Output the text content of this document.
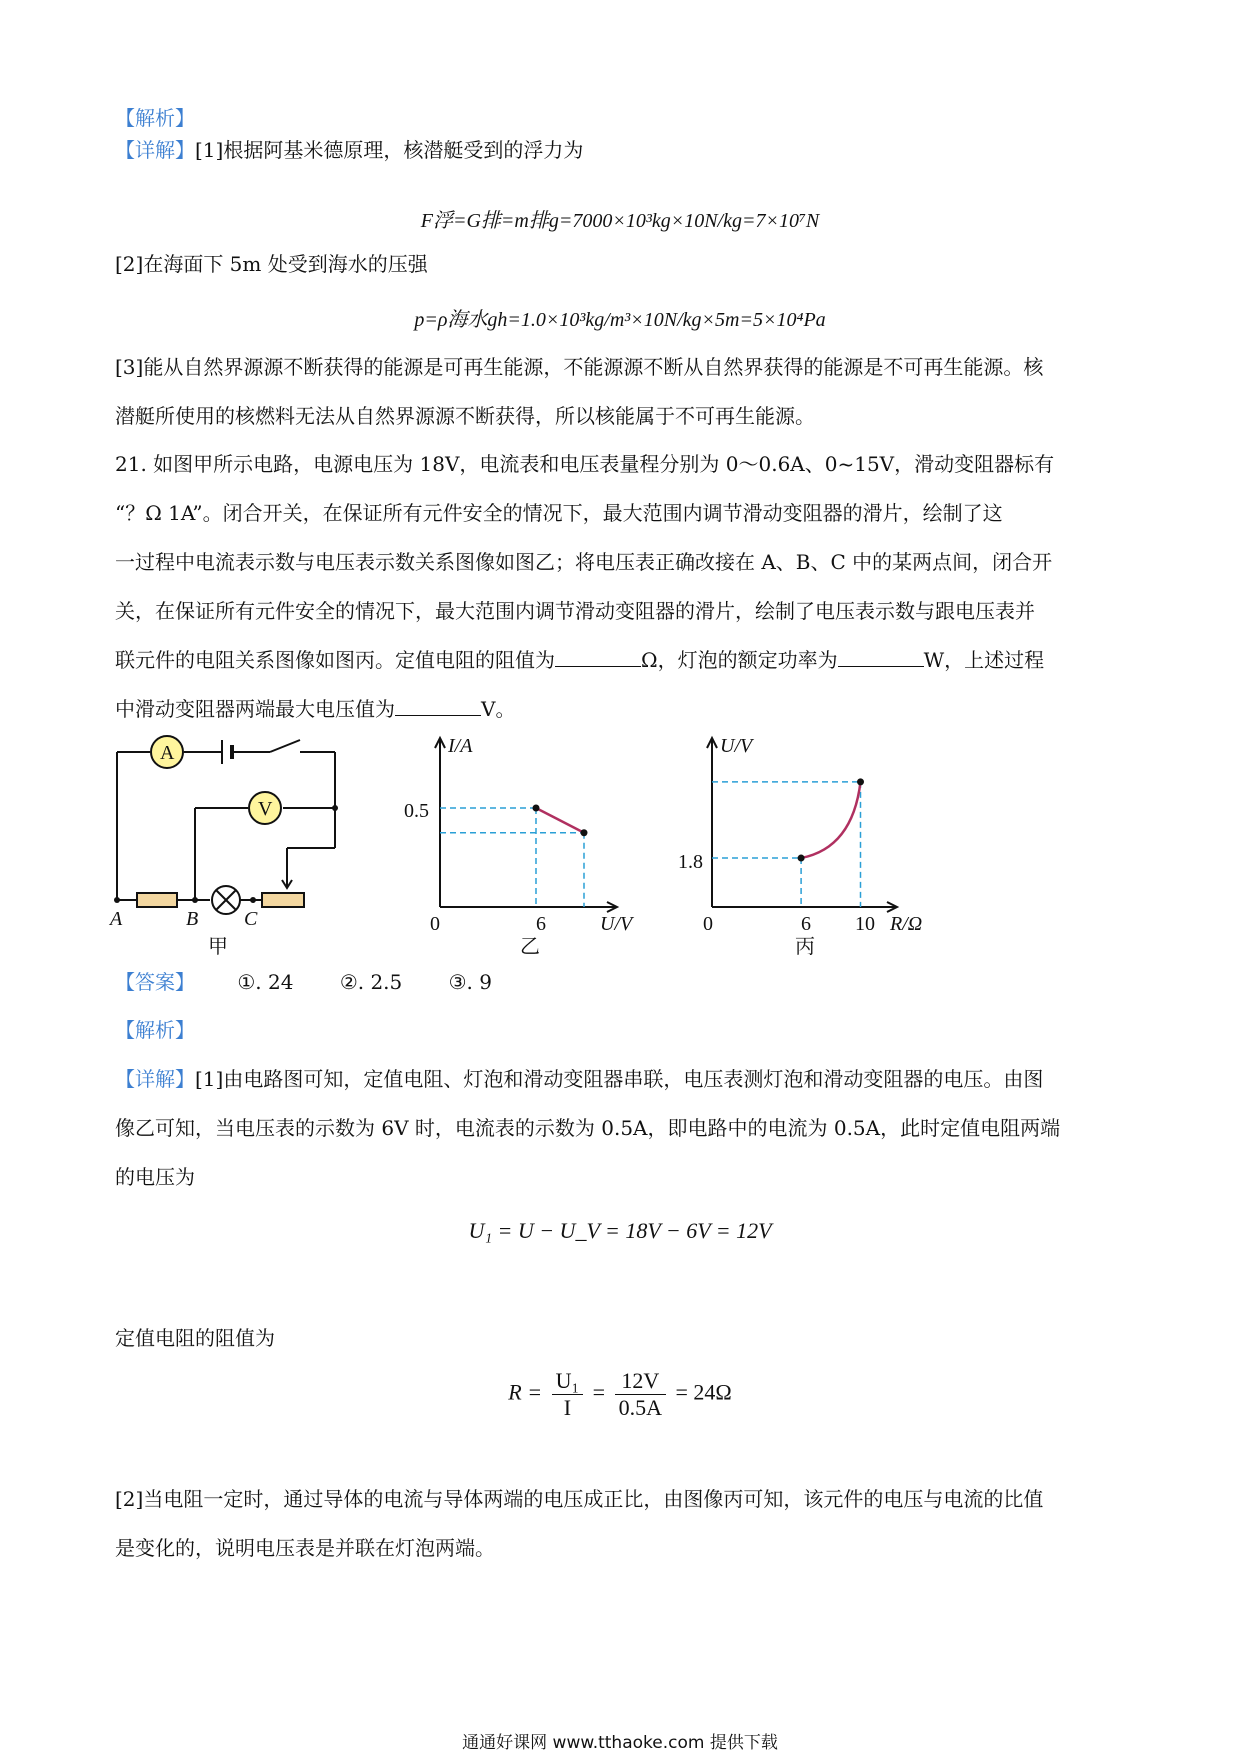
【解析】
【详解】[1]根据阿基米德原理，核潜艇受到的浮力为
F浮=G排=m排g=7000×10³kg×10N/kg=7×10⁷N
[2]在海面下 5m 处受到海水的压强
p=ρ海水gh=1.0×10³kg/m³×10N/kg×5m=5×10⁴Pa
[3]能从自然界源源不断获得的能源是可再生能源，不能源源不断从自然界获得的能源是不可再生能源。核
潜艇所使用的核燃料无法从自然界源源不断获得，所以核能属于不可再生能源。
21. 如图甲所示电路，电源电压为 18V，电流表和电压表量程分别为 0～0.6A、0~15V，滑动变阻器标有
“？Ω 1A”。闭合开关，在保证所有元件安全的情况下，最大范围内调节滑动变阻器的滑片，绘制了这
一过程中电流表示数与电压表示数关系图像如图乙；将电压表正确改接在 A、B、C 中的某两点间，闭合开
关，在保证所有元件安全的情况下，最大范围内调节滑动变阻器的滑片，绘制了电压表示数与跟电压表并
联元件的电阻关系图像如图丙。定值电阻的阻值为	Ω，灯泡的额定功率为	W，上述过程
中滑动变阻器两端最大电压值为	V。
A
V
A	B C
甲
I/A
0.5
0	6	U/V
乙
U/V
1.8
0	6 10 R/Ω
丙
【答案】 ①. 24 ②. 2.5 ③. 9
【解析】
【详解】[1]由电路图可知，定值电阻、灯泡和滑动变阻器串联，电压表测灯泡和滑动变阻器的电压。由图
像乙可知，当电压表的示数为 6V 时，电流表的示数为 0.5A，即电路中的电流为 0.5A，此时定值电阻两端
的电压为
U₁ = U − U_V = 18V − 6V = 12V
定值电阻的阻值为
$R = \frac{\text{U₁}}{I} = \frac{12V}{0.5A} = 24\Omega$
[2]当电阻一定时，通过导体的电流与导体两端的电压成正比，由图像丙可知，该元件的电压与电流的比值
是变化的，说明电压表是并联在灯泡两端。
通通好课网 www.tthaoke.com 提供下载
